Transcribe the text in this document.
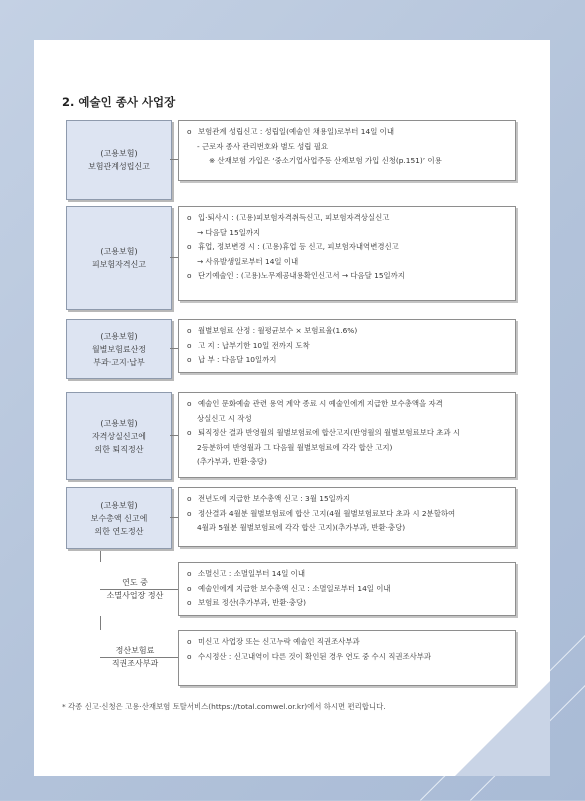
2. 예술인 종사 사업장
(고용보험)
보험관계성립신고
o 보험관계 성립신고 : 성립일(예술인 채용일)로부터 14일 이내
- 근로자 종사 관리번호와 별도 성립 필요
※ 산재보험 가입은 ‘중소기업사업주등 산재보험 가입 신청(p.151)’ 이용
(고용보험)
피보험자격신고
o 입·퇴사시 : (고용)피보험자격취득신고, 피보험자격상실신고
→ 다음달 15일까지
o 휴업, 정보변경 시 : (고용)휴업 등 신고, 피보험자내역변경신고
→ 사유발생일로부터 14일 이내
o 단기예술인 : (고용)노무제공내용확인신고서 → 다음달 15일까지
(고용보험)
월별보험료산정
부과·고지·납부
o 월별보험료 산정 : 월평균보수 × 보험료율(1.6%)
o 고 지 : 납부기한 10일 전까지 도착
o 납 부 : 다음달 10일까지
(고용보험)
자격상실신고에
의한 퇴직정산
o 예술인 문화예술 관련 용역 계약 종료 시 예술인에게 지급한 보수총액을 자격
상실신고 시 작성
o 퇴직정산 결과 반영월의 월별보험료에 합산고지(반영월의 월별보험료보다 초과 시
2등분하여 반영월과 그 다음월 월별보험료에 각각 합산 고지)
(추가부과, 반환·충당)
(고용보험)
보수총액 신고에
의한 연도정산
o 전년도에 지급한 보수총액 신고 : 3월 15일까지
o 정산결과 4월분 월별보험료에 합산 고지(4월 월별보험료보다 초과 시 2분할하여
4월과 5월분 월별보험료에 각각 합산 고지)(추가부과, 반환·충당)
연도 중
소멸사업장 정산
o 소멸신고 : 소멸일부터 14일 이내
o 예술인에게 지급한 보수총액 신고 : 소멸일로부터 14일 이내
o 보험료 정산(추가부과, 반환·충당)
정산보험료
직권조사부과
o 미신고 사업장 또는 신고누락 예술인 직권조사부과
o 수시정산 : 신고내역이 다른 것이 확인된 경우 연도 중 수시 직권조사부과
* 각종 신고·신청은 고용·산재보험 토탈서비스(https://total.comwel.or.kr)에서 하시면 편리합니다.
